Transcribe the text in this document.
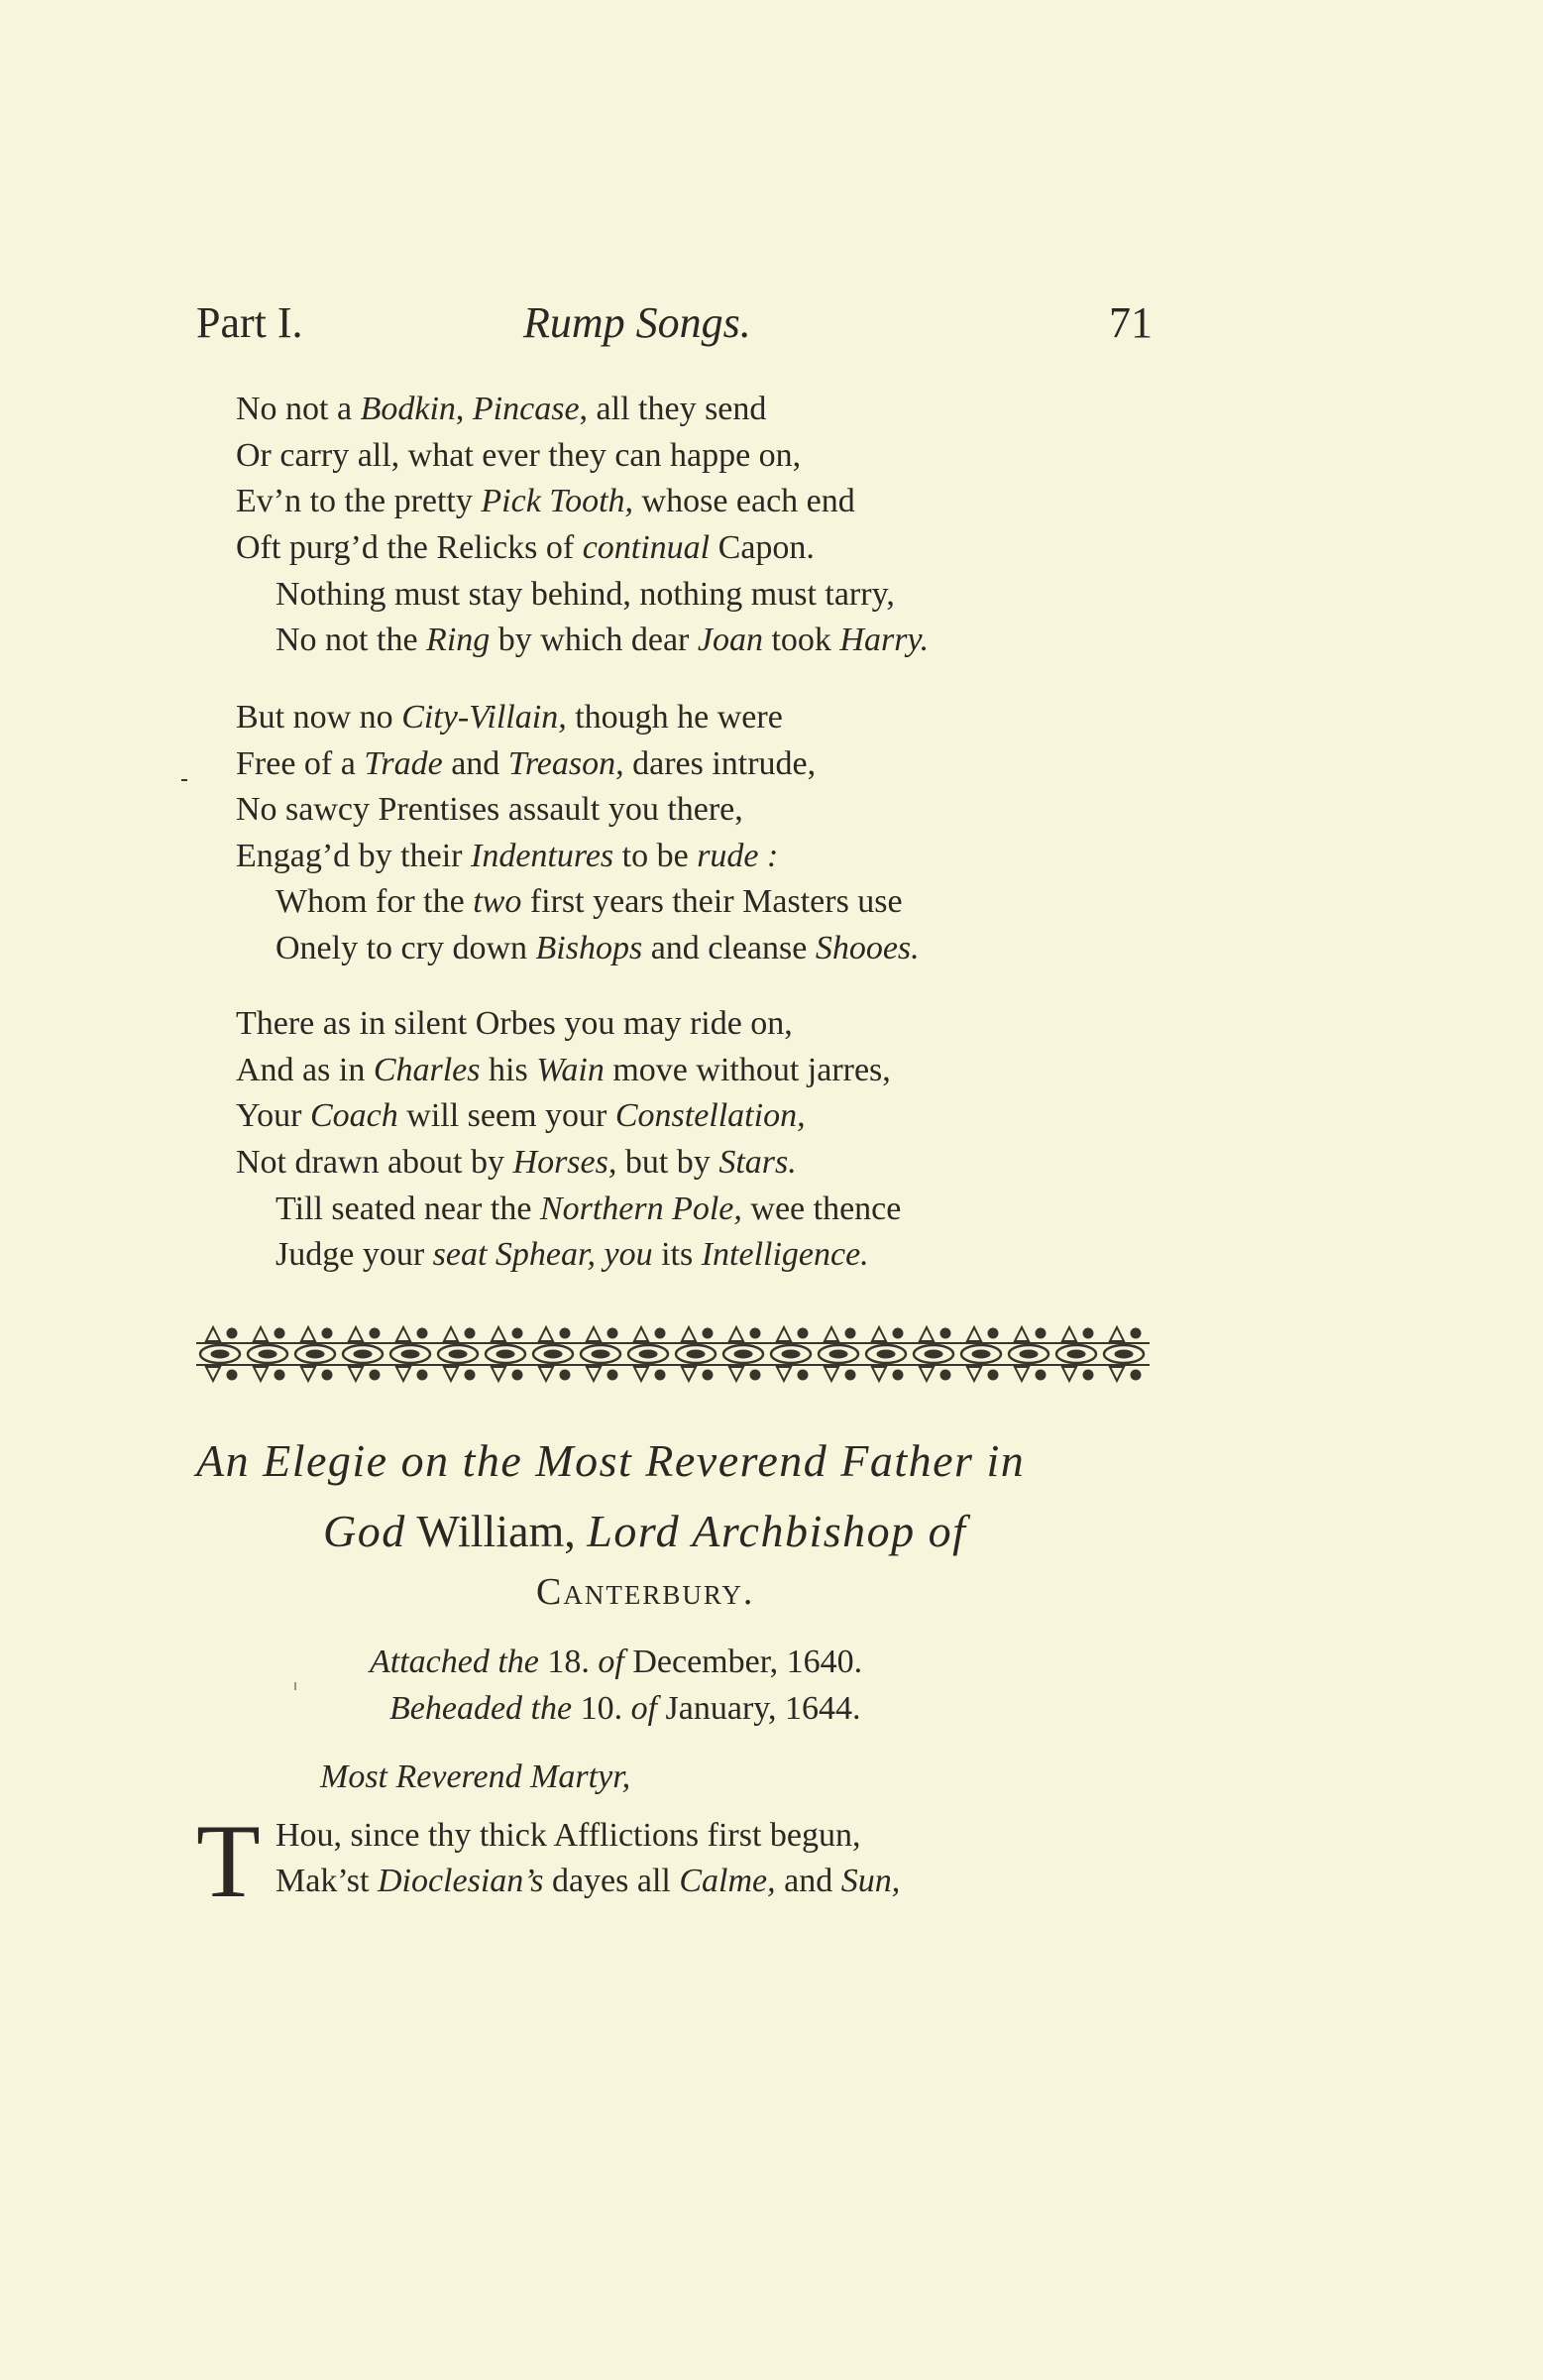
Part I.	Rump Songs.	71
No not a Bodkin, Pincase, all they send
Or carry all, what ever they can happe on,
Ev’n to the pretty Pick Tooth, whose each end
Oft purg’d the Relicks of continual Capon.
Nothing must stay behind, nothing must tarry,
No not the Ring by which dear Joan took Harry.
But now no City-Villain, though he were
Free of a Trade and Treason, dares intrude,
No sawcy Prentises assault you there,
Engag’d by their Indentures to be rude :
Whom for the two first years their Masters use
Onely to cry down Bishops and cleanse Shooes.
There as in silent Orbes you may ride on,
And as in Charles his Wain move without jarres,
Your Coach will seem your Constellation,
Not drawn about by Horses, but by Stars.
Till seated near the Northern Pole, wee thence
Judge your seat Sphear, you its Intelligence.
An Elegie on the Most Reverend Father in
God William, Lord Archbishop of
Canterbury.
Attached the 18. of December, 1640.
Beheaded the 10. of January, 1644.
Most Reverend Martyr,
T Hou, since thy thick Afflictions first begun,
Mak’st Dioclesian’s dayes all Calme, and Sun,
